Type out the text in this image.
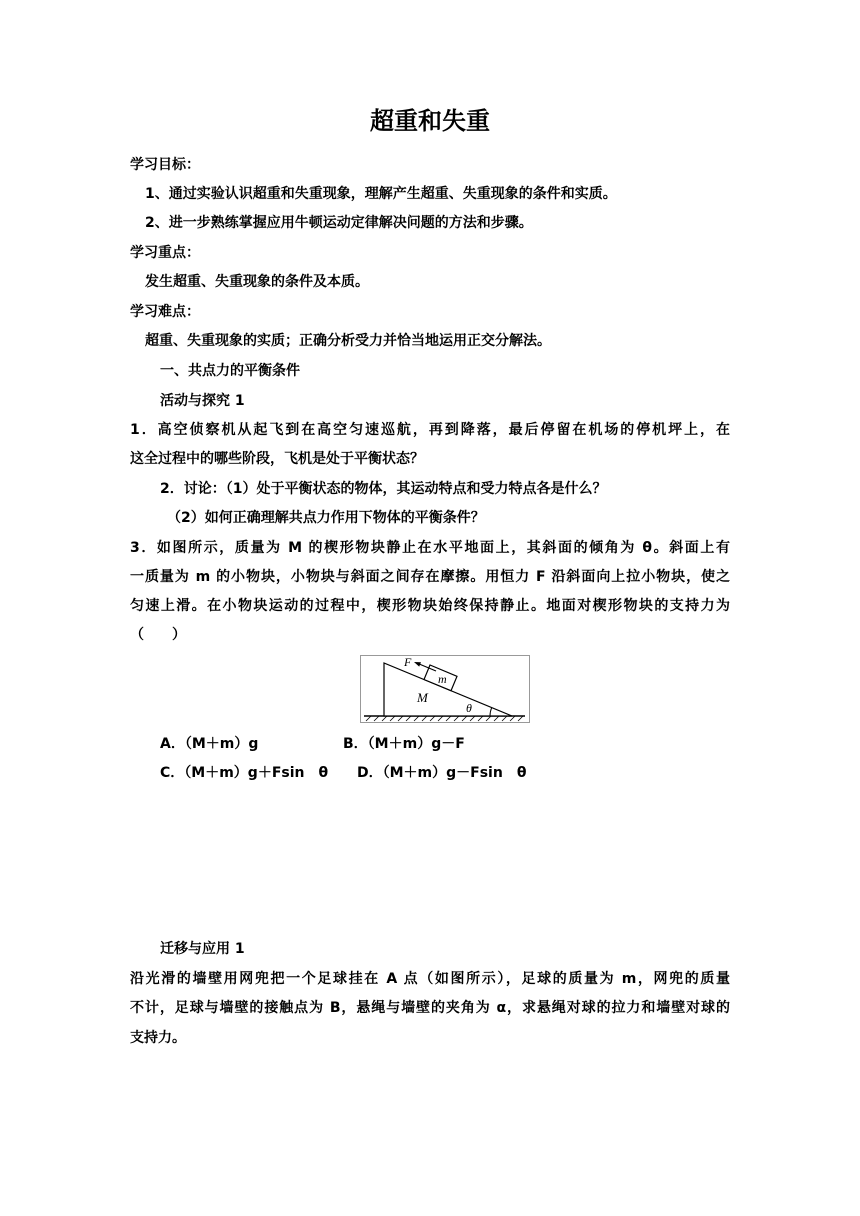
超重和失重
学习目标：
1、通过实验认识超重和失重现象，理解产生超重、失重现象的条件和实质。
2、进一步熟练掌握应用牛顿运动定律解决问题的方法和步骤。
学习重点：
发生超重、失重现象的条件及本质。
学习难点：
超重、失重现象的实质；正确分析受力并恰当地运用正交分解法。
一、共点力的平衡条件
活动与探究 1
1．高空侦察机从起飞到在高空匀速巡航，再到降落，最后停留在机场的停机坪上，在
这全过程中的哪些阶段，飞机是处于平衡状态？
2．讨论：（1）处于平衡状态的物体，其运动特点和受力特点各是什么？
（2）如何正确理解共点力作用下物体的平衡条件？
3．如图所示，质量为 M 的楔形物块静止在水平地面上，其斜面的倾角为 θ。斜面上有
一质量为 m 的小物块，小物块与斜面之间存在摩擦。用恒力 F 沿斜面向上拉小物块，使之
匀速上滑。在小物块运动的过程中，楔形物块始终保持静止。地面对楔形物块的支持力为
（　　）
F
m
M
θ
A．（M＋m）g	B．（M＋m）g－F
C．（M＋m）g＋Fsin　θ D．（M＋m）g－Fsin　θ
迁移与应用 1
沿光滑的墙壁用网兜把一个足球挂在 A 点（如图所示），足球的质量为 m，网兜的质量
不计，足球与墙壁的接触点为 B，悬绳与墙壁的夹角为 α，求悬绳对球的拉力和墙壁对球的
支持力。
